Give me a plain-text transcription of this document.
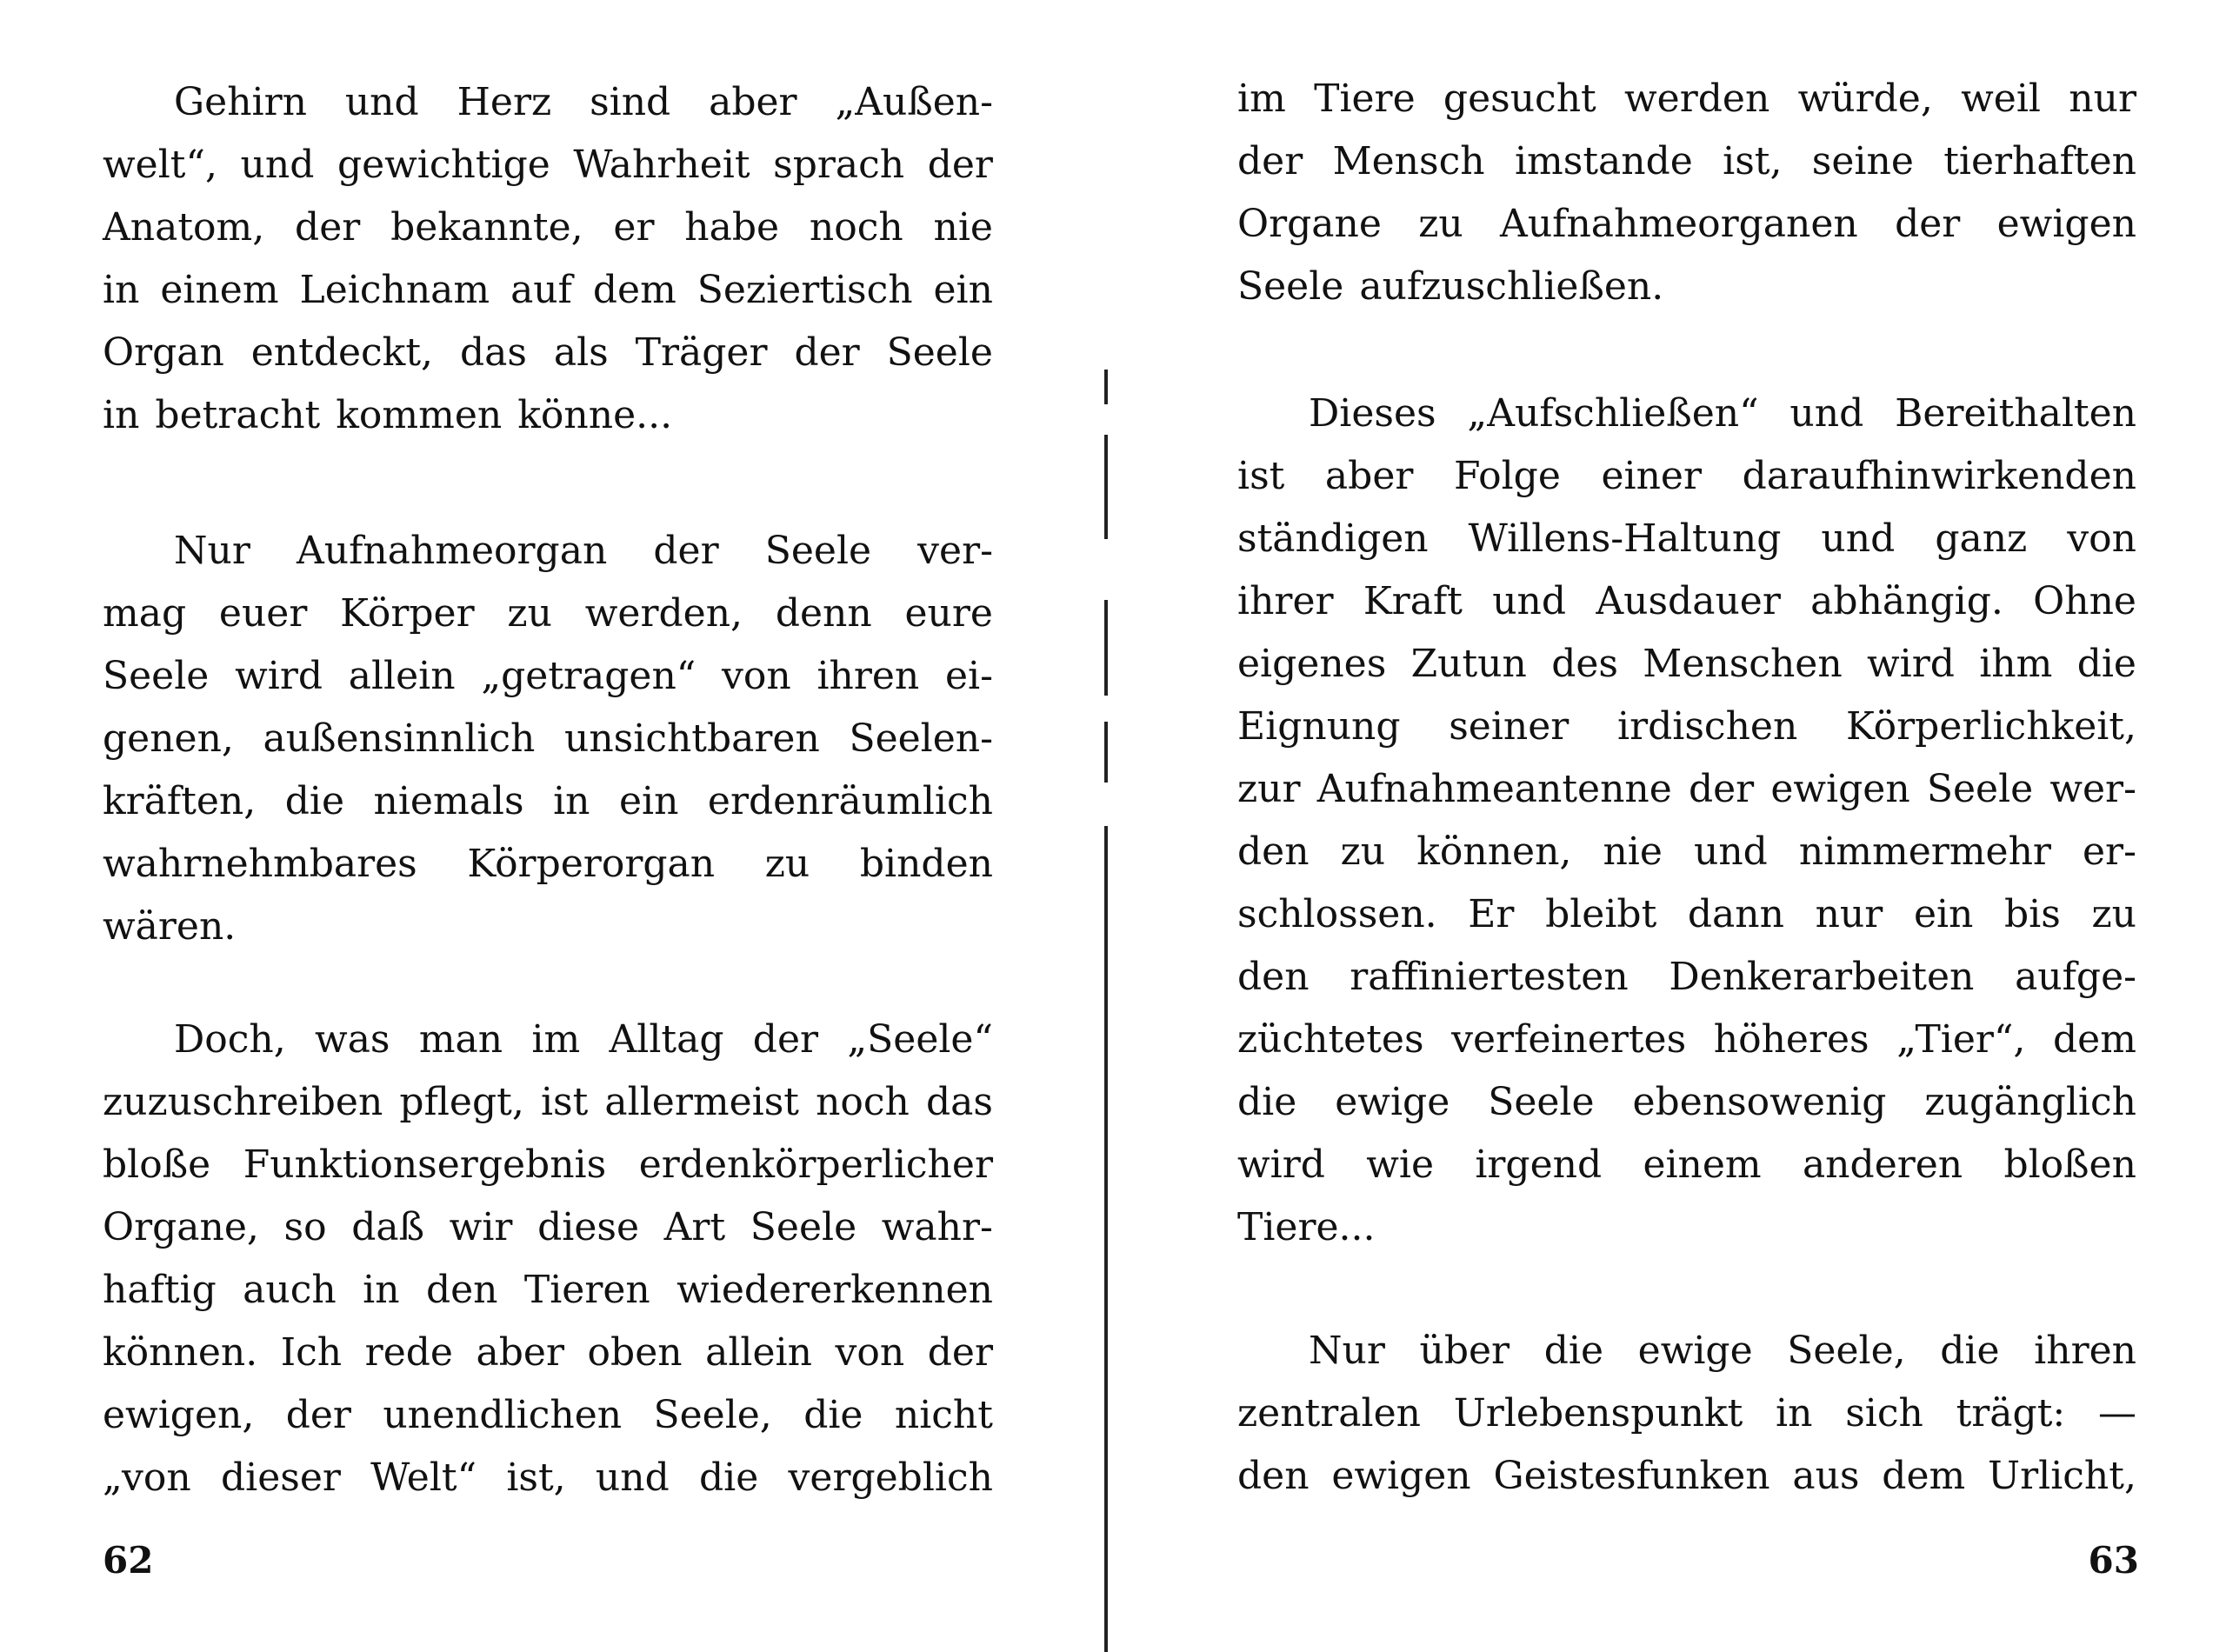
Gehirn und Herz sind aber „Außen-
welt“, und gewichtige Wahrheit sprach der
Anatom, der bekannte, er habe noch nie
in einem Leichnam auf dem Seziertisch ein
Organ entdeckt, das als Träger der Seele
in betracht kommen könne...
Nur Aufnahmeorgan der Seele ver-
mag euer Körper zu werden, denn eure
Seele wird allein „getragen“ von ihren ei-
genen, außensinnlich unsichtbaren Seelen-
kräften, die niemals in ein erdenräumlich
wahrnehmbares Körperorgan zu binden
wären.
Doch, was man im Alltag der „Seele“
zuzuschreiben pflegt, ist allermeist noch das
bloße Funktionsergebnis erdenkörperlicher
Organe, so daß wir diese Art Seele wahr-
haftig auch in den Tieren wiedererkennen
können. Ich rede aber oben allein von der
ewigen, der unendlichen Seele, die nicht
„von dieser Welt“ ist, und die vergeblich
62
im Tiere gesucht werden würde, weil nur
der Mensch imstande ist, seine tierhaften
Organe zu Aufnahmeorganen der ewigen
Seele aufzuschließen.
Dieses „Aufschließen“ und Bereithalten
ist aber Folge einer daraufhinwirkenden
ständigen Willens-Haltung und ganz von
ihrer Kraft und Ausdauer abhängig. Ohne
eigenes Zutun des Menschen wird ihm die
Eignung seiner irdischen Körperlichkeit,
zur Aufnahmeantenne der ewigen Seele wer-
den zu können, nie und nimmermehr er-
schlossen. Er bleibt dann nur ein bis zu
den raffiniertesten Denkerarbeiten aufge-
züchtetes verfeinertes höheres „Tier“, dem
die ewige Seele ebensowenig zugänglich
wird wie irgend einem anderen bloßen
Tiere...
Nur über die ewige Seele, die ihren
zentralen Urlebenspunkt in sich trägt: —
den ewigen Geistesfunken aus dem Urlicht,
63
